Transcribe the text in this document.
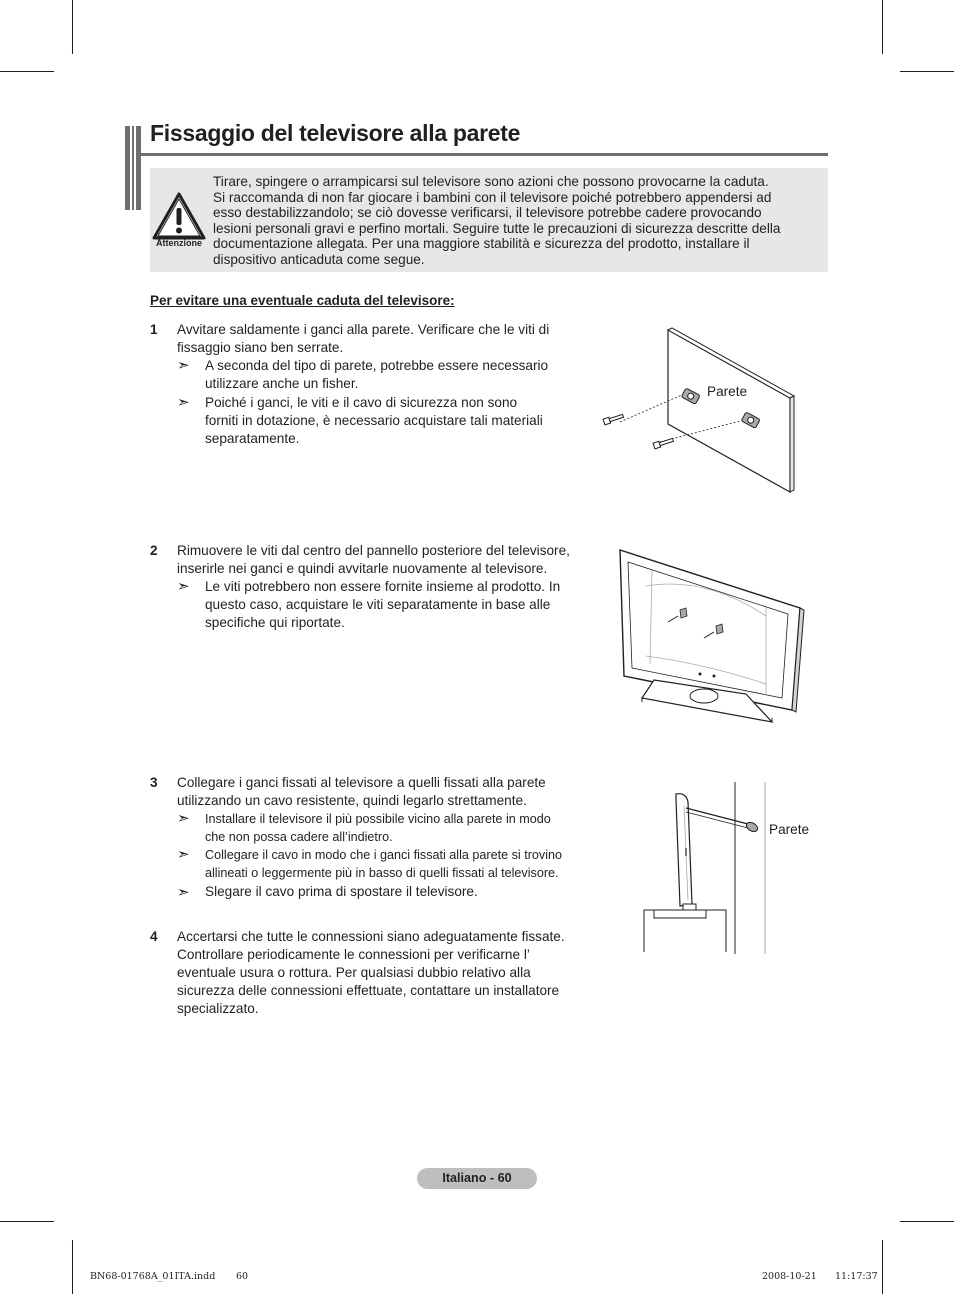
Fissaggio del televisore alla parete
Attenzione
Tirare, spingere o arrampicarsi sul televisore sono azioni che possono provocarne la caduta.
Si raccomanda di non far giocare i bambini con il televisore poiché potrebbero appendersi ad
esso destabilizzandolo; se ciò dovesse verificarsi, il televisore potrebbe cadere provocando
lesioni personali gravi e perfino mortali. Seguire tutte le precauzioni di sicurezza descritte della
documentazione allegata. Per una maggiore stabilità e sicurezza del prodotto, installare il
dispositivo anticaduta come segue.
Per evitare una eventuale caduta del televisore:
1 Avvitare saldamente i ganci alla parete. Verificare che le viti di
fissaggio siano ben serrate.
➣ A seconda del tipo di parete, potrebbe essere necessario
utilizzare anche un fisher.
➣ Poiché i ganci, le viti e il cavo di sicurezza non sono
forniti in dotazione, è necessario acquistare tali materiali
separatamente.
Parete
2 Rimuovere le viti dal centro del pannello posteriore del televisore,
inserirle nei ganci e quindi avvitarle nuovamente al televisore.
➣ Le viti potrebbero non essere fornite insieme al prodotto. In
questo caso, acquistare le viti separatamente in base alle
specifiche qui riportate.
3 Collegare i ganci fissati al televisore a quelli fissati alla parete
utilizzando un cavo resistente, quindi legarlo strettamente.
➣ Installare il televisore il più possibile vicino alla parete in modo
che non possa cadere all’indietro.
➣ Collegare il cavo in modo che i ganci fissati alla parete si trovino
allineati o leggermente più in basso di quelli fissati al televisore.
➣ Slegare il cavo prima di spostare il televisore.
Parete
4 Accertarsi che tutte le connessioni siano adeguatamente fissate.
Controllare periodicamente le connessioni per verificarne l’
eventuale usura o rottura. Per qualsiasi dubbio relativo alla
sicurezza delle connessioni effettuate, contattare un installatore
specializzato.
Italiano - 60
BN68-01768A_01ITA.indd 60	2008-10-21 11:17:37
